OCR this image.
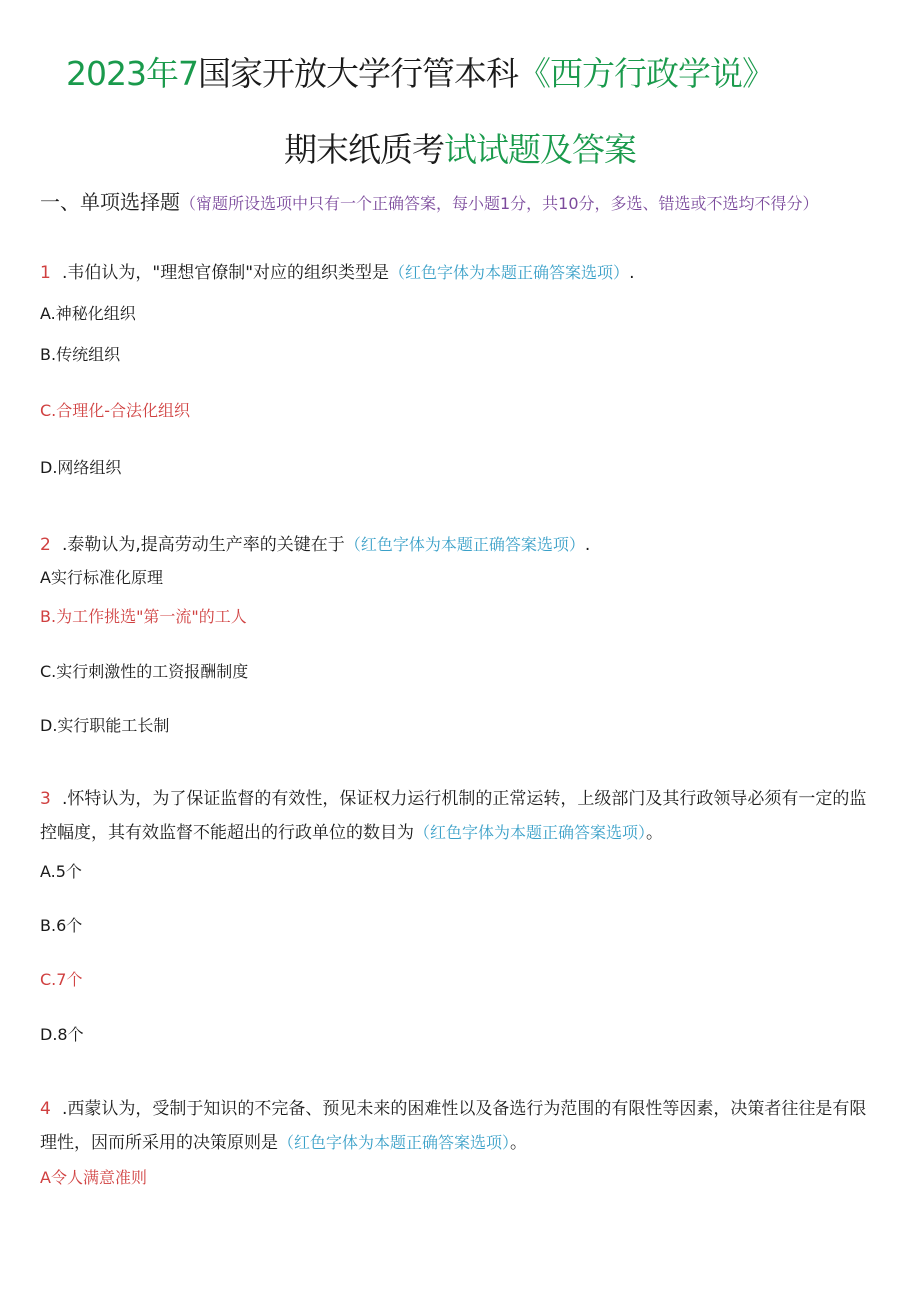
2023年7国家开放大学行管本科《西方行政学说》
期末纸质考试试题及答案
一、单项选择题（甯题所设选项中只有一个正确答案，每小题1分，共10分，多选、错选或不选均不得分）
1 .韦伯认为，"理想官僚制"对应的组织类型是（红色字体为本题正确答案选项）.
A.神秘化组织
B.传统组织
C.合理化-合法化组织
D.网络组织
2 .泰勒认为,提高劳动生产率的关键在于（红色字体为本题正确答案选项）.
A实行标准化原理
B.为工作挑选"第一流"的工人
C.实行刺激性的工资报酬制度
D.实行职能工长制
3 .怀特认为，为了保证监督的有效性，保证权力运行机制的正常运转，上级部门及其行政领导必须有一定的监控幅度，其有效监督不能超出的行政单位的数目为（红色字体为本题正确答案选项）。
A.5个
B.6个
C.7个
D.8个
4 .西蒙认为，受制于知识的不完备、预见未来的困难性以及备选行为范围的有限性等因素，决策者往往是有限理性，因而所采用的决策原则是（红色字体为本题正确答案选项）。
A令人满意准则
